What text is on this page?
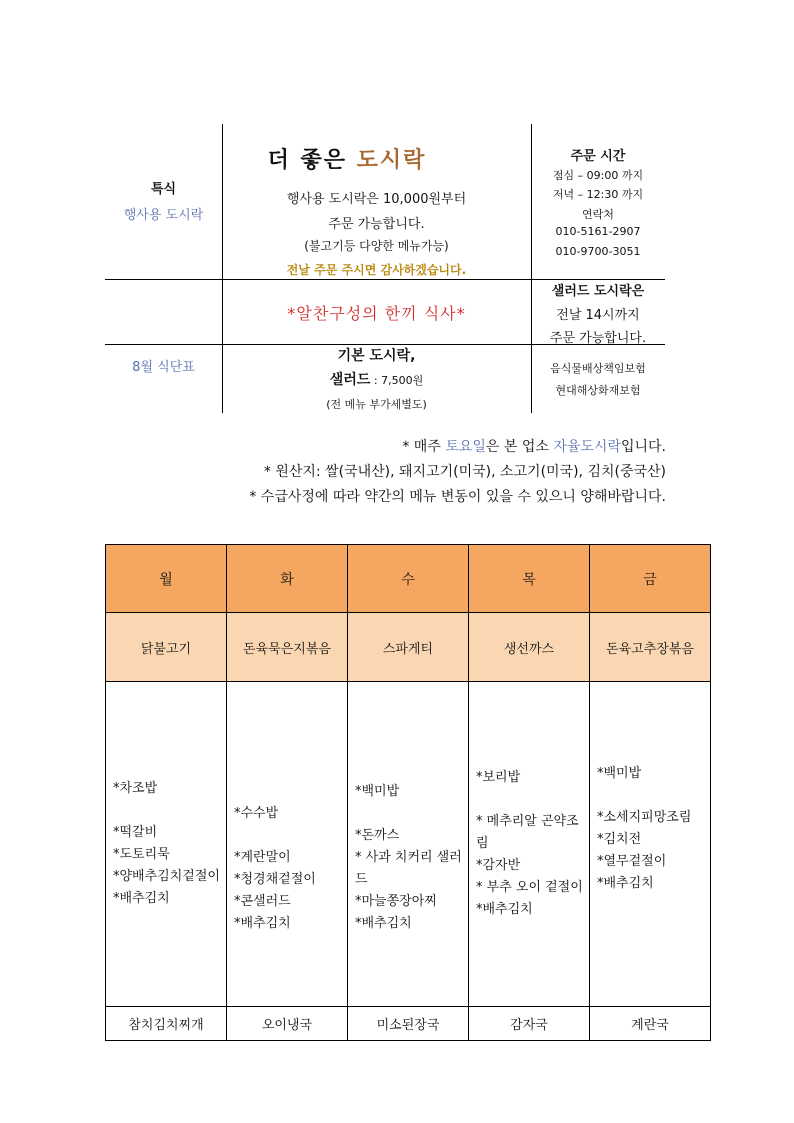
특식
행사용 도시락
8월 식단표
더 좋은 도시락
행사용 도시락은 10,000원부터
주문 가능합니다.
(불고기등 다양한 메뉴가능)
전날 주문 주시면 감사하겠습니다.
*알찬구성의 한끼 식사*
기본 도시락,
샐러드 : 7,500원
(전 메뉴 부가세별도)
주문 시간
점심 – 09:00 까지
저녁 – 12:30 까지
연락처
010-5161-2907
010-9700-3051
샐러드 도시락은
전날 14시까지
주문 가능합니다.
음식물배상책임보험
현대해상화재보험
* 매주 토요일은 본 업소 자율도시락입니다.
* 원산지: 쌀(국내산), 돼지고기(미국), 소고기(미국), 김치(중국산)
* 수급사정에 따라 약간의 메뉴 변동이 있을 수 있으니 양해바랍니다.
월	화	수	목	금
닭불고기	돈육묵은지볶음	스파게티	생선까스	돈육고추장볶음

*차조밥
*떡갈비
*도토리묵
*양배추김치겉절이
*배추김치	*수수밥
*계란말이
*청경채겉절이
*콘샐러드
*배추김치	*백미밥
*돈까스
* 사과 치커리 샐러드
*마늘쫑장아찌
*배추김치	*보리밥
* 메추리알 곤약조림
*감자반
* 부추 오이 겉절이
*배추김치	*백미밥
*소세지피망조림
*김치전
*열무겉절이
*배추김치

참치김치찌개	오이냉국	미소된장국	감자국	계란국
